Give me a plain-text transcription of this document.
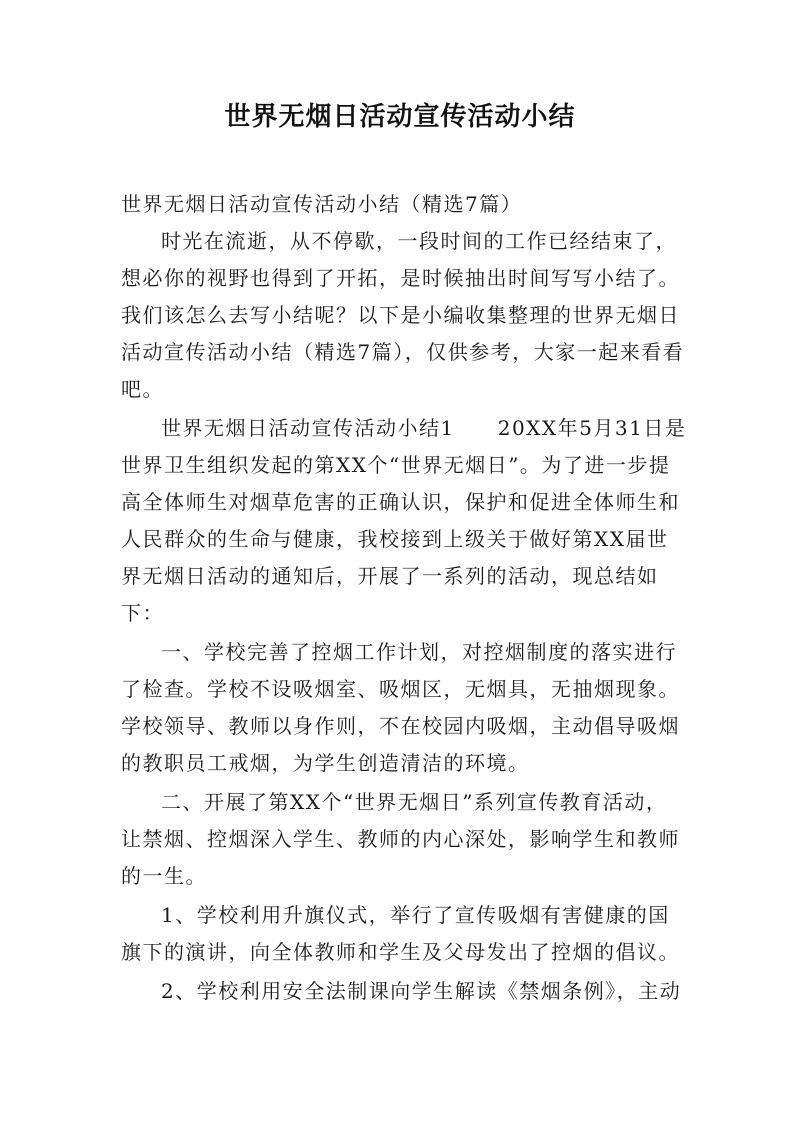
世界无烟日活动宣传活动小结

世界无烟日活动宣传活动小结（精选7篇）

时光在流逝，从不停歇，一段时间的工作已经结束了，想必你的视野也得到了开拓，是时候抽出时间写写小结了。我们该怎么去写小结呢？以下是小编收集整理的世界无烟日活动宣传活动小结（精选7篇），仅供参考，大家一起来看看吧。

世界无烟日活动宣传活动小结1　　20XX年5月31日是世界卫生组织发起的第XX个“世界无烟日”。为了进一步提高全体师生对烟草危害的正确认识，保护和促进全体师生和人民群众的生命与健康，我校接到上级关于做好第XX届世界无烟日活动的通知后，开展了一系列的活动，现总结如下：

一、学校完善了控烟工作计划，对控烟制度的落实进行了检查。学校不设吸烟室、吸烟区，无烟具，无抽烟现象。学校领导、教师以身作则，不在校园内吸烟，主动倡导吸烟的教职员工戒烟，为学生创造清洁的环境。

二、开展了第XX个“世界无烟日”系列宣传教育活动，让禁烟、控烟深入学生、教师的内心深处，影响学生和教师的一生。

1、学校利用升旗仪式，举行了宣传吸烟有害健康的国旗下的演讲，向全体教师和学生及父母发出了控烟的倡议。

2、学校利用安全法制课向学生解读《禁烟条例》，主动
